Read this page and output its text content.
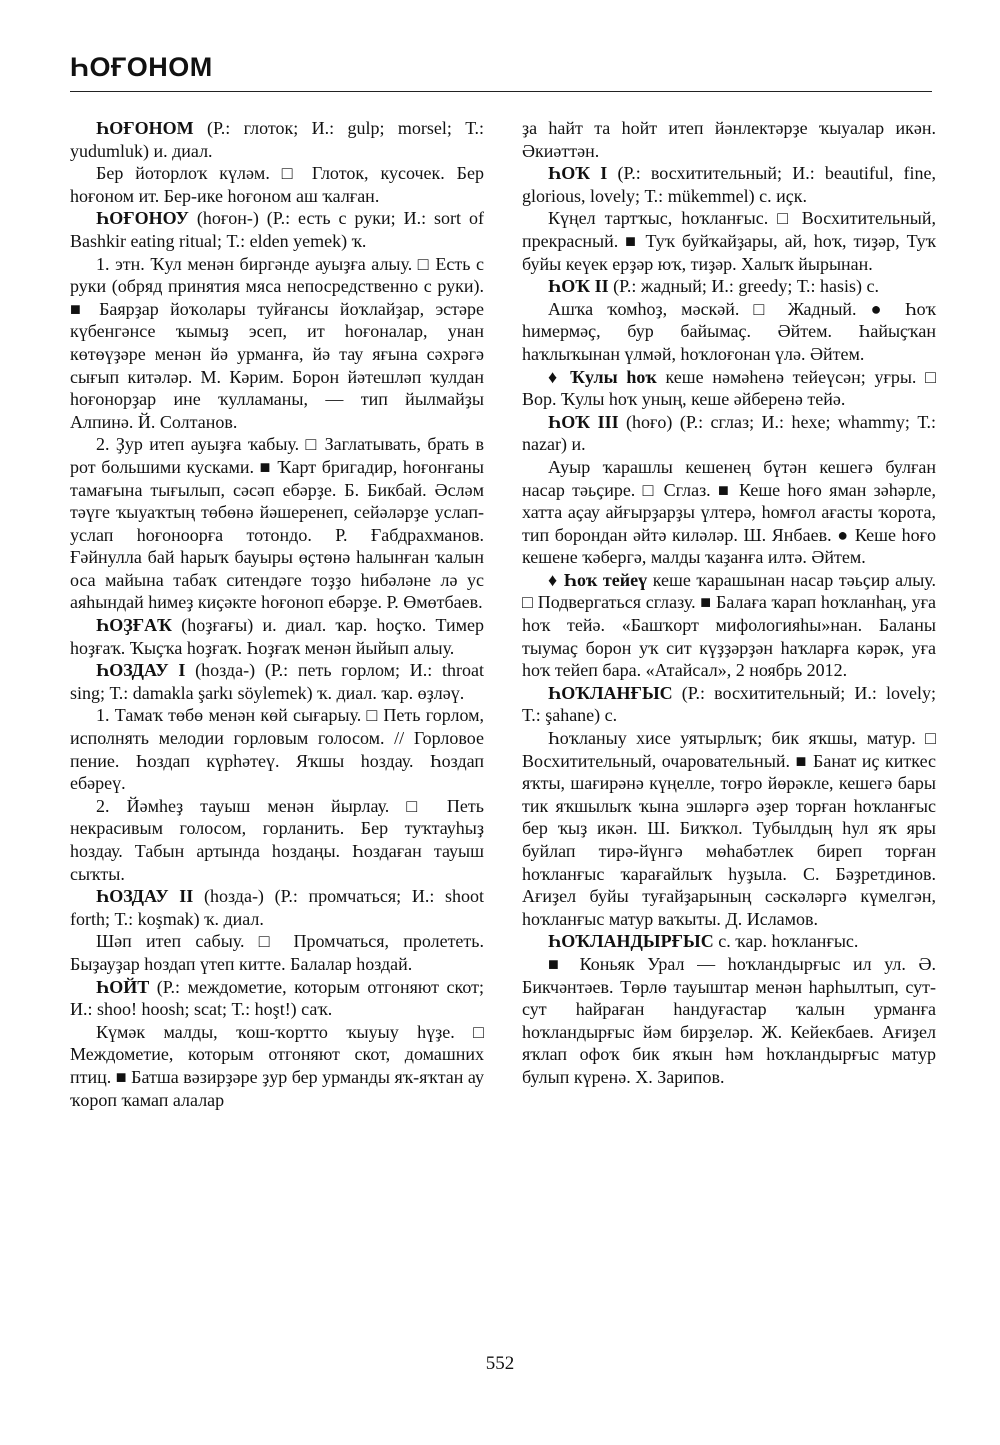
ҺОҒОНОМ

ҺОҒОНОМ (Р.: глоток; И.: gulp; morsel; Т.: yudumluk) и. диал.

Бер йоторлоҡ күләм. □ Глоток, кусочек. Бер һоғоном ит. Бер-ике һоғоном аш ҡалған.

ҺОҒОНОУ (һоғон-) (Р.: есть с руки; И.: sort of Bashkir eating ritual; Т.: elden yemek) ҡ.

1. этн. Ҡул менән биргәнде ауыҙға алыу. □ Есть с руки (обряд принятия мяса непосредственно с руки). ■ Баярҙар йоҡолары туйғансы йоҡлайҙар, эстәре күбенгәнсе ҡымыҙ эсеп, ит һоғоналар, унан көтөүҙәре менән йә урманға, йә тау яғына сәхрәгә сығып китәләр. М. Кәрим. Борон йәтешләп ҡулдан һоғонорҙар ине ҡулламаны, — тип йылмайҙы Алпинә. Й. Солтанов.

2. Ҙур итеп ауыҙға ҡабыу. □ Заглатывать, брать в рот большими кусками. ■ Ҡарт бригадир, һоғонғаны тамағына тығылып, сәсәп ебәрҙе. Б. Бикбай. Әсләм тәүге ҡыуаҡтың төбөнә йәшеренеп, сейәләрҙе услап-услап һоғоноорға тотондо. Р. Ғабдрахманов. Ғәйнулла бай һарыҡ бауыры өҫтөнә һалынған ҡалын оса майына табаҡ ситендәге тоҙҙо һибәләне лә ус аяһындай һимеҙ киҫәкте һоғоноп ебәрҙе. Р. Өмөтбаев.

ҺОҘҒАҠ (һоҙғағы) и. диал. ҡар. һоҫҡо. Тимер һоҙғаҡ. Ҡыҫҡа һоҙғаҡ. Һоҙғаҡ менән йыйып алыу.

ҺОЗДАУ I (һозда-) (Р.: петь горлом; И.: throat sing; Т.: damakla şarkı söylemek) ҡ. диал. ҡар. өҙләү.

1. Тамаҡ төбө менән көй сығарыу. □ Петь горлом, исполнять мелодии горловым голосом. // Горловое пение. Һоздап күрһәтеү. Яҡшы һоздау. Һоздап ебәреү.

2. Йәмһеҙ тауыш менән йырлау. □ Петь некрасивым голосом, горланить. Бер туҡтауһыҙ һоздау. Табын артында һоздаңы. Һоздаған тауыш сыҡты.

ҺОЗДАУ II (һозда-) (Р.: промчаться; И.: shoot forth; Т.: koşmak) ҡ. диал.

Шәп итеп сабыу. □ Промчаться, пролететь. Быҙауҙар һоздап үтеп китте. Балалар һоздай.

ҺОЙТ (Р.: междометие, которым отгоняют скот; И.: shoo! hoosh; scat; Т.: hoşt!) саҡ.

Күмәк малды, ҡош-ҡортто ҡыуыу һүҙе. □ Междометие, которым отгоняют скот, домашних птиц. ■ Батша вәзирҙәре ҙур бер урманды яҡ-яҡтан ау ҡороп ҡамап алалар

ҙа һайт та һойт итеп йәнлектәрҙе ҡыуалар икән. Әкиәттән.

ҺОҠ I (Р.: восхитительный; И.: beautiful, fine, glorious, lovely; Т.: mükemmel) с. иҫк.

Күңел тартҡыс, һоҡланғыс. □ Восхитительный, прекрасный. ■ Туҡ буйҡайҙары, ай, һоҡ, тиҙәр, Туҡ буйы кеүек ерҙәр юҡ, тиҙәр. Халыҡ йырынан.

ҺОҠ II (Р.: жадный; И.: greedy; Т.: hasis) с.

Ашҡа ҡомһоҙ, мәскәй. □ Жадный. ● Һоҡ һимермәҫ, бур байымаҫ. Әйтем. Һайыҫҡан һаҡлыҡынан үлмәй, һоҡлоғонан үлә. Әйтем.

♦ Ҡулы һоҡ кеше нәмәһенә тейеүсән; уғры. □ Вор. Ҡулы һоҡ уның, кеше әйберенә тейә.

ҺОҠ III (һоғо) (Р.: сглаз; И.: hexe; whammy; Т.: nazar) и.

Ауыр ҡарашлы кешенең бүтән кешегә булған насар тәьҫире. □ Сглаз. ■ Кеше һоғо яман зәһәрле, хатта аҫау айғырҙарҙы үлтерә, һомғол ағасты ҡорота, тип борондан әйтә киләләр. Ш. Янбаев. ● Кеше һоғо кешене ҡәбергә, малды ҡаҙанға илтә. Әйтем.

♦ Һоҡ тейеү кеше ҡарашынан насар тәьҫир алыу. □ Подвергаться сглазу. ■ Балаға ҡарап һоҡланһаң, уға һоҡ тейә. «Башҡорт мифологияһы»нан. Баланы тыумаҫ борон уҡ сит күҙҙәрҙән һаҡларға кәрәк, уға һоҡ тейеп бара. «Атайсал», 2 ноябрь 2012.

ҺОҠЛАНҒЫС (Р.: восхитительный; И.: lovely; Т.: şahane) с.

Һоҡланыу хисе уятырлыҡ; бик яҡшы, матур. □ Восхитительный, очаровательный. ■ Банат иҫ киткес яҡты, шағирәнә күңелле, тоғро йөрәкле, кешегә бары тик яҡшылыҡ ҡына эшләргә әҙер торған һоҡланғыс бер ҡыҙ икән. Ш. Биҡҡол. Тубылдың һул яҡ яры буйлап тирә-йүнгә мөһабәтлек биреп торған һоҡланғыс ҡарағайлыҡ һуҙыла. С. Бәҙретдинов. Ағиҙел буйы туғайҙарының сәскәләргә күмелгән, һоҡланғыс матур ваҡыты. Д. Исламов.

ҺОҠЛАНДЫРҒЫС с. ҡар. һоҡланғыс.

■ Коньяк Урал — һоҡландырғыс ил ул. Ә. Бикчәнтәев. Төрлө тауыштар менән һарһылтып, сут-сут һайраған һандуғастар ҡалын урманға һоҡландырғыс йәм бирҙеләр. Ж. Кейекбаев. Ағиҙел яҡлап офоҡ бик яҡын һәм һоҡландырғыс матур булып күренә. Х. Зарипов.

552
